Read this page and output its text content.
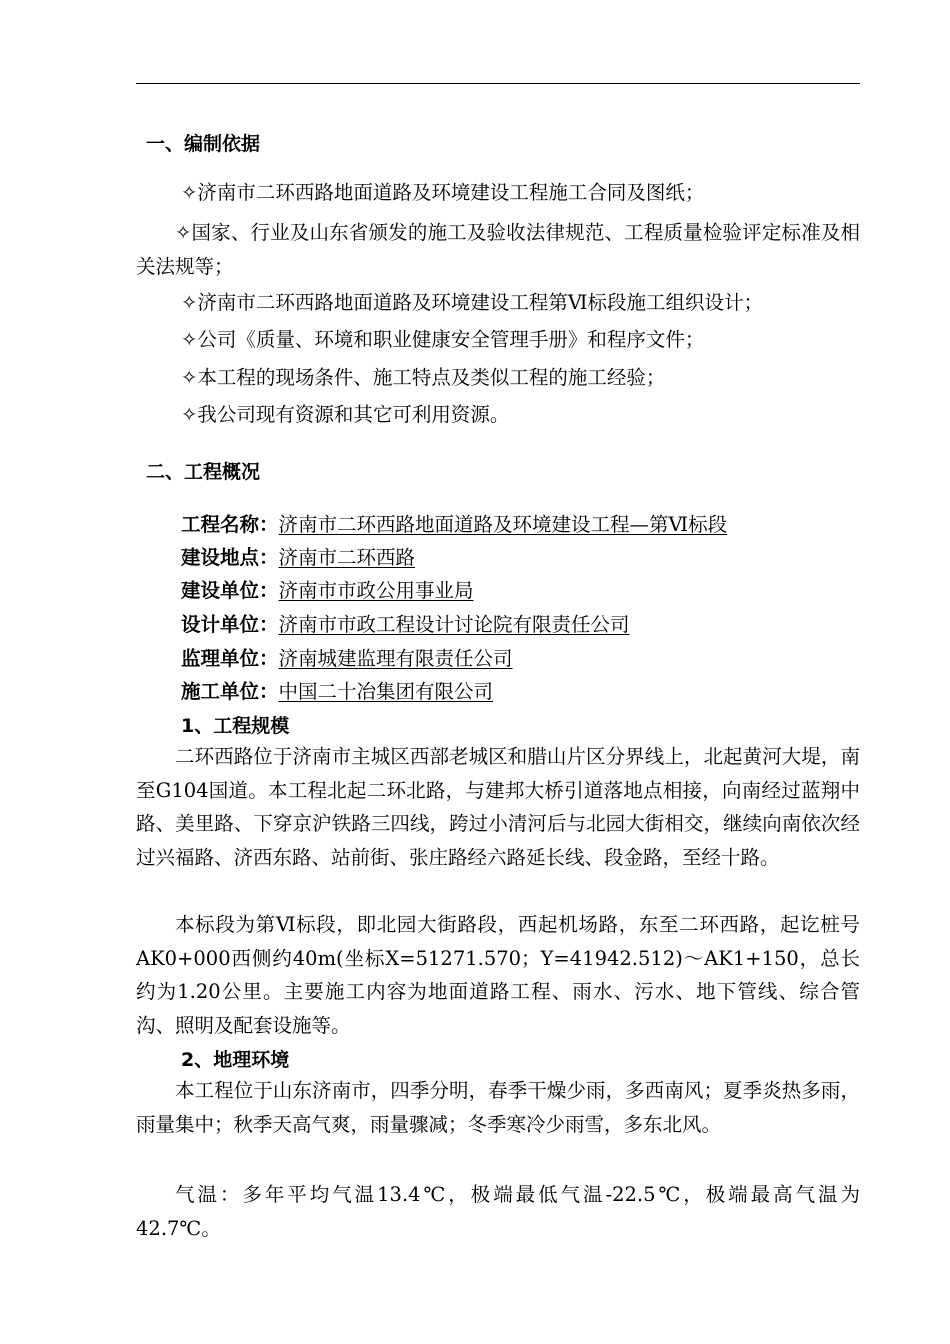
一、编制依据
✧济南市二环西路地面道路及环境建设工程施工合同及图纸；
✧国家、行业及山东省颁发的施工及验收法律规范、工程质量检验评定标准及相关法规等；
✧济南市二环西路地面道路及环境建设工程第Ⅵ标段施工组织设计；
✧公司《质量、环境和职业健康安全管理手册》和程序文件；
✧本工程的现场条件、施工特点及类似工程的施工经验；
✧我公司现有资源和其它可利用资源。
二、工程概况
工程名称：济南市二环西路地面道路及环境建设工程—第Ⅵ标段
建设地点：济南市二环西路
建设单位：济南市市政公用事业局
设计单位：济南市市政工程设计讨论院有限责任公司
监理单位：济南城建监理有限责任公司
施工单位：中国二十冶集团有限公司
1、工程规模
二环西路位于济南市主城区西部老城区和腊山片区分界线上，北起黄河大堤，南至G104国道。本工程北起二环北路，与建邦大桥引道落地点相接，向南经过蓝翔中路、美里路、下穿京沪铁路三四线，跨过小清河后与北园大街相交，继续向南依次经过兴福路、济西东路、站前街、张庄路经六路延长线、段金路，至经十路。
本标段为第Ⅵ标段，即北园大街路段，西起机场路，东至二环西路，起讫桩号AK0+000西侧约40m(坐标X=51271.570；Y=41942.512)～AK1+150，总长约为1.20公里。主要施工内容为地面道路工程、雨水、污水、地下管线、综合管沟、照明及配套设施等。
2、地理环境
本工程位于山东济南市，四季分明，春季干燥少雨，多西南风；夏季炎热多雨，雨量集中；秋季天高气爽，雨量骤减；冬季寒冷少雨雪，多东北风。
气温：多年平均气温13.4℃，极端最低气温-22.5℃，极端最高气温为42.7℃。
